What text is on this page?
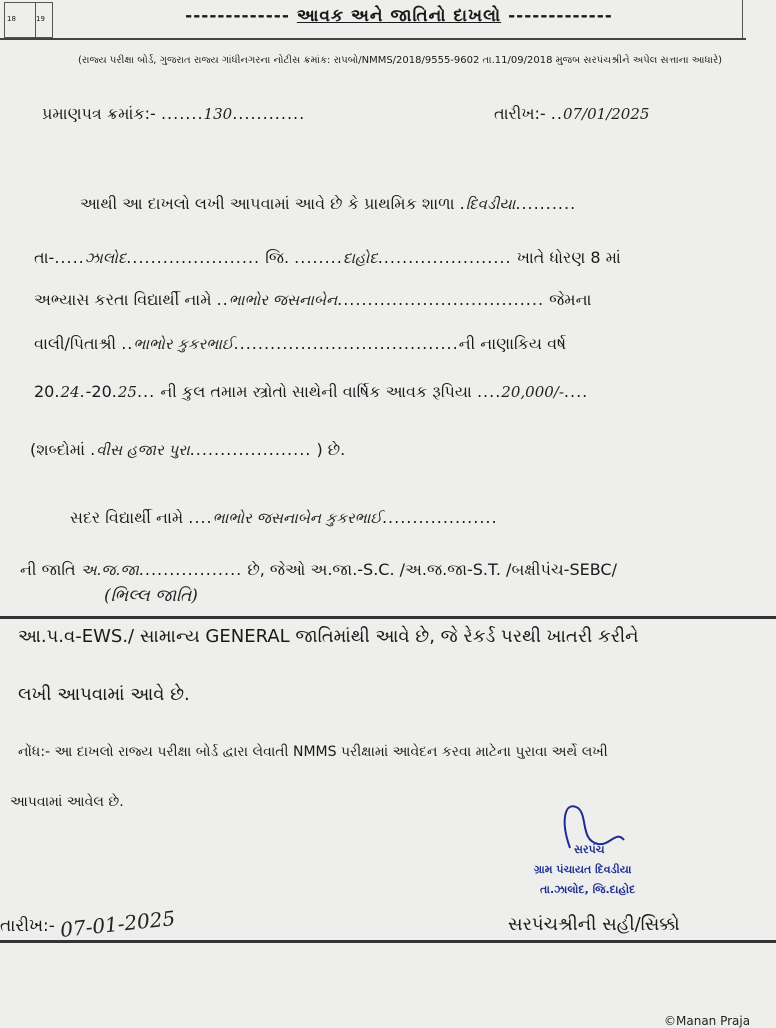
18	19	------------- આવક અને જાતિનો દાખલો -------------
(રાજ્ય પરીક્ષા બોર્ડ, ગુજરાત રાજ્ય ગાંધીનગરના નોટીસ ક્રમાંક: રાપબો/NMMS/2018/9555-9602 તા.11/09/2018 મુજબ સરપંચશ્રીને અપેલ સત્તાના આધારે)
પ્રમાણપત્ર ક્રમાંક:- .......130............	તારીખ:- ..07/01/2025
આથી આ દાખલો લખી આપવામાં આવે છે કે પ્રાથમિક શાળા .દિવડીયા..........
તા-.....ઝાલોદ...................... જિ. ........દાહોદ...................... ખાતે ધોરણ 8 માં
અભ્યાસ કરતા વિદ્યાર્થી નામે ..ભાભોર જસનાબેન.................................. જેમના
વાલી/પિતાશ્રી ..ભાભોર કુકરભાઈ.....................................ની નાણાકિય વર્ષ
20.24.-20.25... ની કુલ તમામ સ્ત્રોતો સાથેની વાર્ષિક આવક રૂપિયા ....20,000/-....
(શબ્દોમાં .વીસ હજાર પુરા.................... ) છે.
સદર વિદ્યાર્થી નામે ....ભાભોર જસનાબેન કુકરભાઈ...................
ની જાતિ અ.જ.જા................. છે, જેઓ અ.જા.-S.C. /અ.જ.જા-S.T. /બક્ષીપંચ-SEBC/
(ભિલ્લ જાતિ)
આ.પ.વ-EWS./ સામાન્ય GENERAL જાતિમાંથી આવે છે, જે રેકર્ડ પરથી ખાતરી કરીને
લખી આપવામાં આવે છે.
નોંધ:- આ દાખલો રાજ્ય પરીક્ષા બોર્ડ દ્વારા લેવાતી NMMS પરીક્ષામાં આવેદન કરવા માટેના પુરાવા અર્થે લખી
આપવામાં આવેલ છે.
સરપંચ
ગ્રામ પંચાયત દિવડીયા
તા.ઝાલોદ, જિ.દાહોદ
તારીખ:- 07-01-2025	સરપંચશ્રીની સહી/સિક્કો
©Manan Praja
